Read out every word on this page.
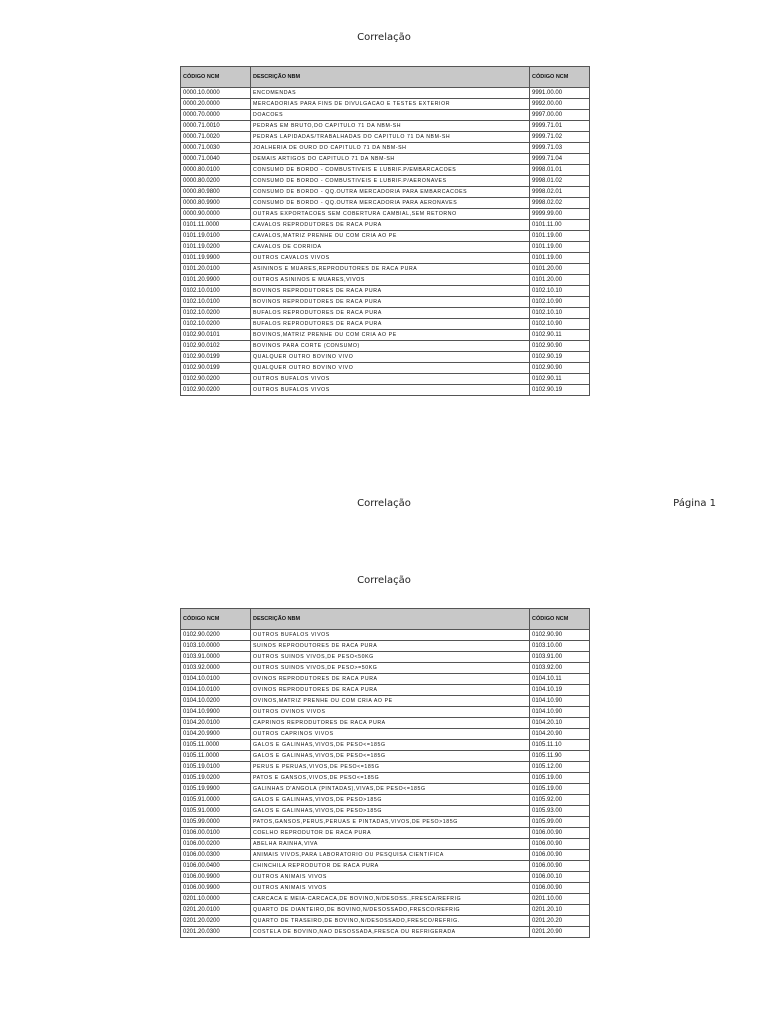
Correlação
CÓDIGO NCM	DESCRIÇÃO NBM	CÓDIGO NCM
0000.10.0000	ENCOMENDAS	9991.00.00
0000.20.0000	MERCADORIAS PARA FINS DE DIVULGACAO E TESTES EXTERIOR	9992.00.00
0000.70.0000	DOACOES	9997.00.00
0000.71.0010	PEDRAS EM BRUTO,DO CAPITULO 71 DA NBM-SH	9999.71.01
0000.71.0020	PEDRAS LAPIDADAS/TRABALHADAS DO CAPITULO 71 DA NBM-SH	9999.71.02
0000.71.0030	JOALHERIA DE OURO DO CAPITULO 71 DA NBM-SH	9999.71.03
0000.71.0040	DEMAIS ARTIGOS DO CAPITULO 71 DA NBM-SH	9999.71.04
0000.80.0100	CONSUMO DE BORDO - COMBUSTIVEIS E LUBRIF.P/EMBARCACOES	9998.01.01
0000.80.0200	CONSUMO DE BORDO - COMBUSTIVEIS E LUBRIF.P/AERONAVES	9998.01.02
0000.80.9800	CONSUMO DE BORDO - QQ.OUTRA MERCADORIA PARA EMBARCACOES	9998.02.01
0000.80.9900	CONSUMO DE BORDO - QQ.OUTRA MERCADORIA PARA AERONAVES	9998.02.02
0000.90.0000	OUTRAS EXPORTACOES SEM COBERTURA CAMBIAL,SEM RETORNO	9999.99.00
0101.11.0000	CAVALOS REPRODUTORES DE RACA PURA	0101.11.00
0101.19.0100	CAVALOS,MATRIZ PRENHE OU COM CRIA AO PE	0101.19.00
0101.19.0200	CAVALOS DE CORRIDA	0101.19.00
0101.19.9900	OUTROS CAVALOS VIVOS	0101.19.00
0101.20.0100	ASININOS E MUARES,REPRODUTORES DE RACA PURA	0101.20.00
0101.20.9900	OUTROS ASININOS E MUARES,VIVOS	0101.20.00
0102.10.0100	BOVINOS REPRODUTORES DE RACA PURA	0102.10.10
0102.10.0100	BOVINOS REPRODUTORES DE RACA PURA	0102.10.90
0102.10.0200	BUFALOS REPRODUTORES DE RACA PURA	0102.10.10
0102.10.0200	BUFALOS REPRODUTORES DE RACA PURA	0102.10.90
0102.90.0101	BOVINOS,MATRIZ PRENHE OU COM CRIA AO PE	0102.90.11
0102.90.0102	BOVINOS PARA CORTE (CONSUMO)	0102.90.90
0102.90.0199	QUALQUER OUTRO BOVINO VIVO	0102.90.19
0102.90.0199	QUALQUER OUTRO BOVINO VIVO	0102.90.90
0102.90.0200	OUTROS BUFALOS VIVOS	0102.90.11
0102.90.0200	OUTROS BUFALOS VIVOS	0102.90.19
Correlação	Página 1
Correlação
CÓDIGO NCM	DESCRIÇÃO NBM	CÓDIGO NCM
0102.90.0200	OUTROS BUFALOS VIVOS	0102.90.90
0103.10.0000	SUINOS REPRODUTORES DE RACA PURA	0103.10.00
0103.91.0000	OUTROS SUINOS VIVOS,DE PESO<50KG	0103.91.00
0103.92.0000	OUTROS SUINOS VIVOS,DE PESO>=50KG	0103.92.00
0104.10.0100	OVINOS REPRODUTORES DE RACA PURA	0104.10.11
0104.10.0100	OVINOS REPRODUTORES DE RACA PURA	0104.10.19
0104.10.0200	OVINOS,MATRIZ PRENHE OU COM CRIA AO PE	0104.10.90
0104.10.9900	OUTROS OVINOS VIVOS	0104.10.90
0104.20.0100	CAPRINOS REPRODUTORES DE RACA PURA	0104.20.10
0104.20.9900	OUTROS CAPRINOS VIVOS	0104.20.90
0105.11.0000	GALOS E GALINHAS,VIVOS,DE PESO<=185G	0105.11.10
0105.11.0000	GALOS E GALINHAS,VIVOS,DE PESO<=185G	0105.11.90
0105.19.0100	PERUS E PERUAS,VIVOS,DE PESO<=185G	0105.12.00
0105.19.0200	PATOS E GANSOS,VIVOS,DE PESO<=185G	0105.19.00
0105.19.9900	GALINHAS D'ANGOLA (PINTADAS),VIVAS,DE PESO<=185G	0105.19.00
0105.91.0000	GALOS E GALINHAS,VIVOS,DE PESO>185G	0105.92.00
0105.91.0000	GALOS E GALINHAS,VIVOS,DE PESO>185G	0105.93.00
0105.99.0000	PATOS,GANSOS,PERUS,PERUAS E PINTADAS,VIVOS,DE PESO>185G	0105.99.00
0106.00.0100	COELHO REPRODUTOR DE RACA PURA	0106.00.90
0106.00.0200	ABELHA RAINHA,VIVA	0106.00.90
0106.00.0300	ANIMAIS VIVOS,PARA LABORATORIO OU PESQUISA CIENTIFICA	0106.00.90
0106.00.0400	CHINCHILA REPRODUTOR DE RACA PURA	0106.00.90
0106.00.9900	OUTROS ANIMAIS VIVOS	0106.00.10
0106.00.9900	OUTROS ANIMAIS VIVOS	0106.00.90
0201.10.0000	CARCACA E MEIA-CARCACA,DE BOVINO,N/DESOSS.,FRESCA/REFRIG	0201.10.00
0201.20.0100	QUARTO DE DIANTEIRO,DE BOVINO,N/DESOSSADO,FRESCO/REFRIG	0201.20.10
0201.20.0200	QUARTO DE TRASEIRO,DE BOVINO,N/DESOSSADO,FRESCO/REFRIG.	0201.20.20
0201.20.0300	COSTELA DE BOVINO,NAO DESOSSADA,FRESCA OU REFRIGERADA	0201.20.90
